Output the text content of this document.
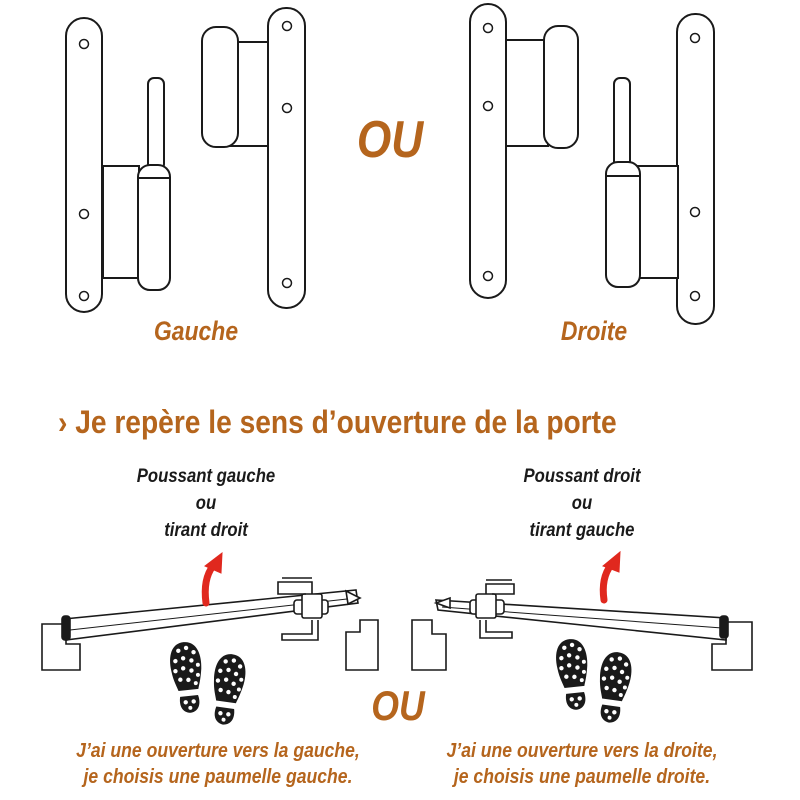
Gauche
OU
Droite
› Je repère le sens d’ouverture de la porte
Poussant gauche
ou
tirant droit
Poussant droit
ou
tirant gauche
OU
J’ai une ouverture vers la gauche,
je choisis une paumelle gauche.
J’ai une ouverture vers la droite,
je choisis une paumelle droite.
